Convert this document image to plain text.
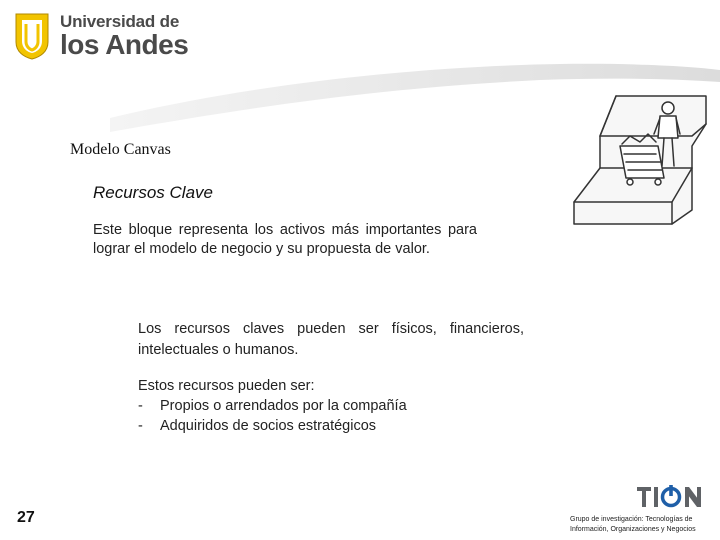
Universidad de
los Andes
Modelo Canvas
Recursos Clave
Este bloque representa los activos más importantes para lograr el modelo de negocio y su propuesta de valor.
Los recursos claves pueden ser físicos, financieros, intelectuales o humanos.
Estos recursos pueden ser:
-	Propios o arrendados por la compañía
-	Adquiridos de socios estratégicos
27	Grupo de investigación: Tecnologías de Información, Organizaciones y Negocios
